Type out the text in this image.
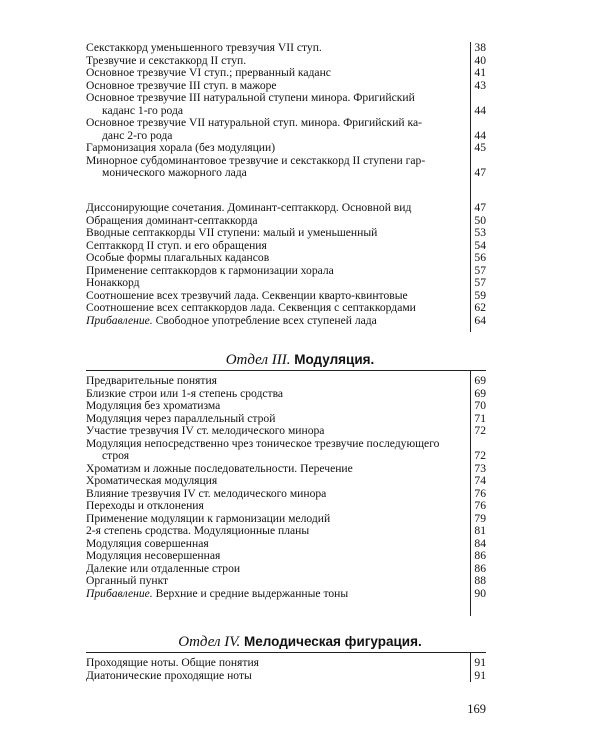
Секстаккорд уменьшенного тревзучия VII ступ.	38
Трезвучие и секстаккорд II ступ.	40
Основное трезвучие VI ступ.; прерванный каданс	41
Основное трезвучие III ступ. в мажоре	43
Основное трезвучие III натуральной ступени минора. Фригийский
каданс 1-го рода	44
Основное трезвучие VII натуральной ступ. минора. Фригийский ка-
данс 2-го рода	44
Гармонизация хорала (без модуляции)	45
Минорное субдоминантовое трезвучие и секстаккорд II ступени гар-
монического мажорного лада	47
Диссонирующие сочетания. Доминант-септаккорд. Основной вид	47
Обращения доминант-септаккорда	50
Вводные септаккорды VII ступени: малый и уменьшенный	53
Септаккорд II ступ. и его обращения	54
Особые формы плагальных кадансов	56
Применение септаккордов к гармонизации хорала	57
Нонаккорд	57
Соотношение всех трезвучий лада. Секвенции кварто-квинтовые	59
Соотношение всех септаккордов лада. Секвенция с септаккордами	62
Прибавление. Свободное употребление всех ступеней лада	64
Отдел III. Модуляция.
Предварительные понятия	69
Близкие строи или 1-я степень сродства	69
Модуляция без хроматизма	70
Модуляция через параллельный строй	71
Участие трезвучия IV ст. мелодического минора	72
Модуляция непосредственно чрез тоническое трезвучие последующего
строя	72
Хроматизм и ложные последовательности. Перечение	73
Хроматическая модуляция	74
Влияние трезвучия IV ст. мелодического минора	76
Переходы и отклонения	76
Применение модуляции к гармонизации мелодий	79
2-я степень сродства. Модуляционные планы	81
Модуляция совершенная	84
Модуляция несовершенная	86
Далекие или отдаленные строи	86
Органный пункт	88
Прибавление. Верхние и средние выдержанные тоны	90
Отдел IV. Мелодическая фигурация.
Проходящие ноты. Общие понятия	91
Диатонические проходящие ноты	91
169
